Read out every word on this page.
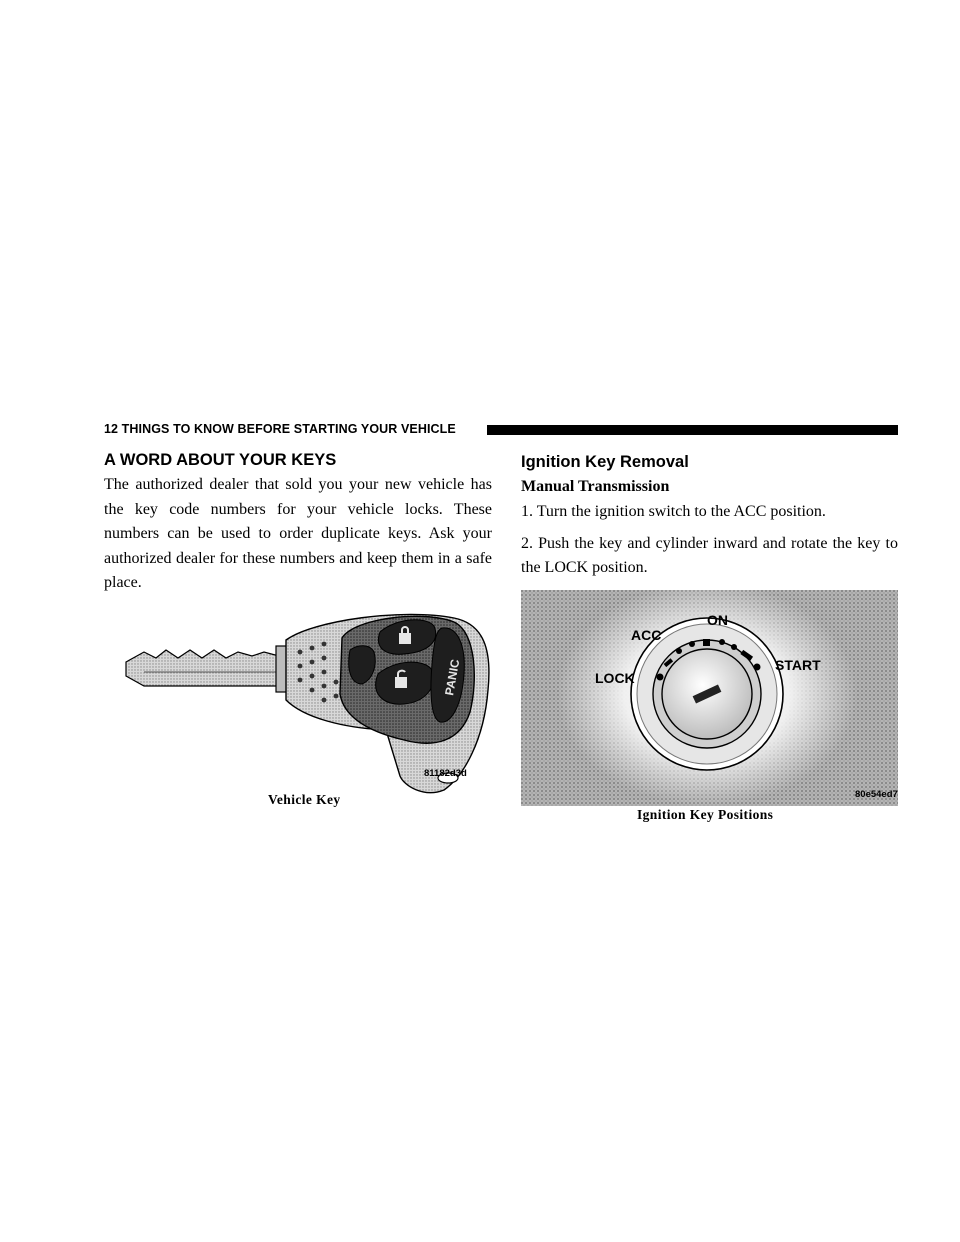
12 THINGS TO KNOW BEFORE STARTING YOUR VEHICLE
A WORD ABOUT YOUR KEYS

The authorized dealer that sold you your new vehicle has the key code numbers for your vehicle locks. These numbers can be used to order duplicate keys. Ask your authorized dealer for these numbers and keep them in a safe place.

PANIC
81182d3d
Vehicle Key
Ignition Key Removal

Manual Transmission

1. Turn the ignition switch to the ACC position.

2. Push the key and cylinder inward and rotate the key to the LOCK position.

ON
ACC
LOCK
START
80e54ed7
Ignition Key Positions
